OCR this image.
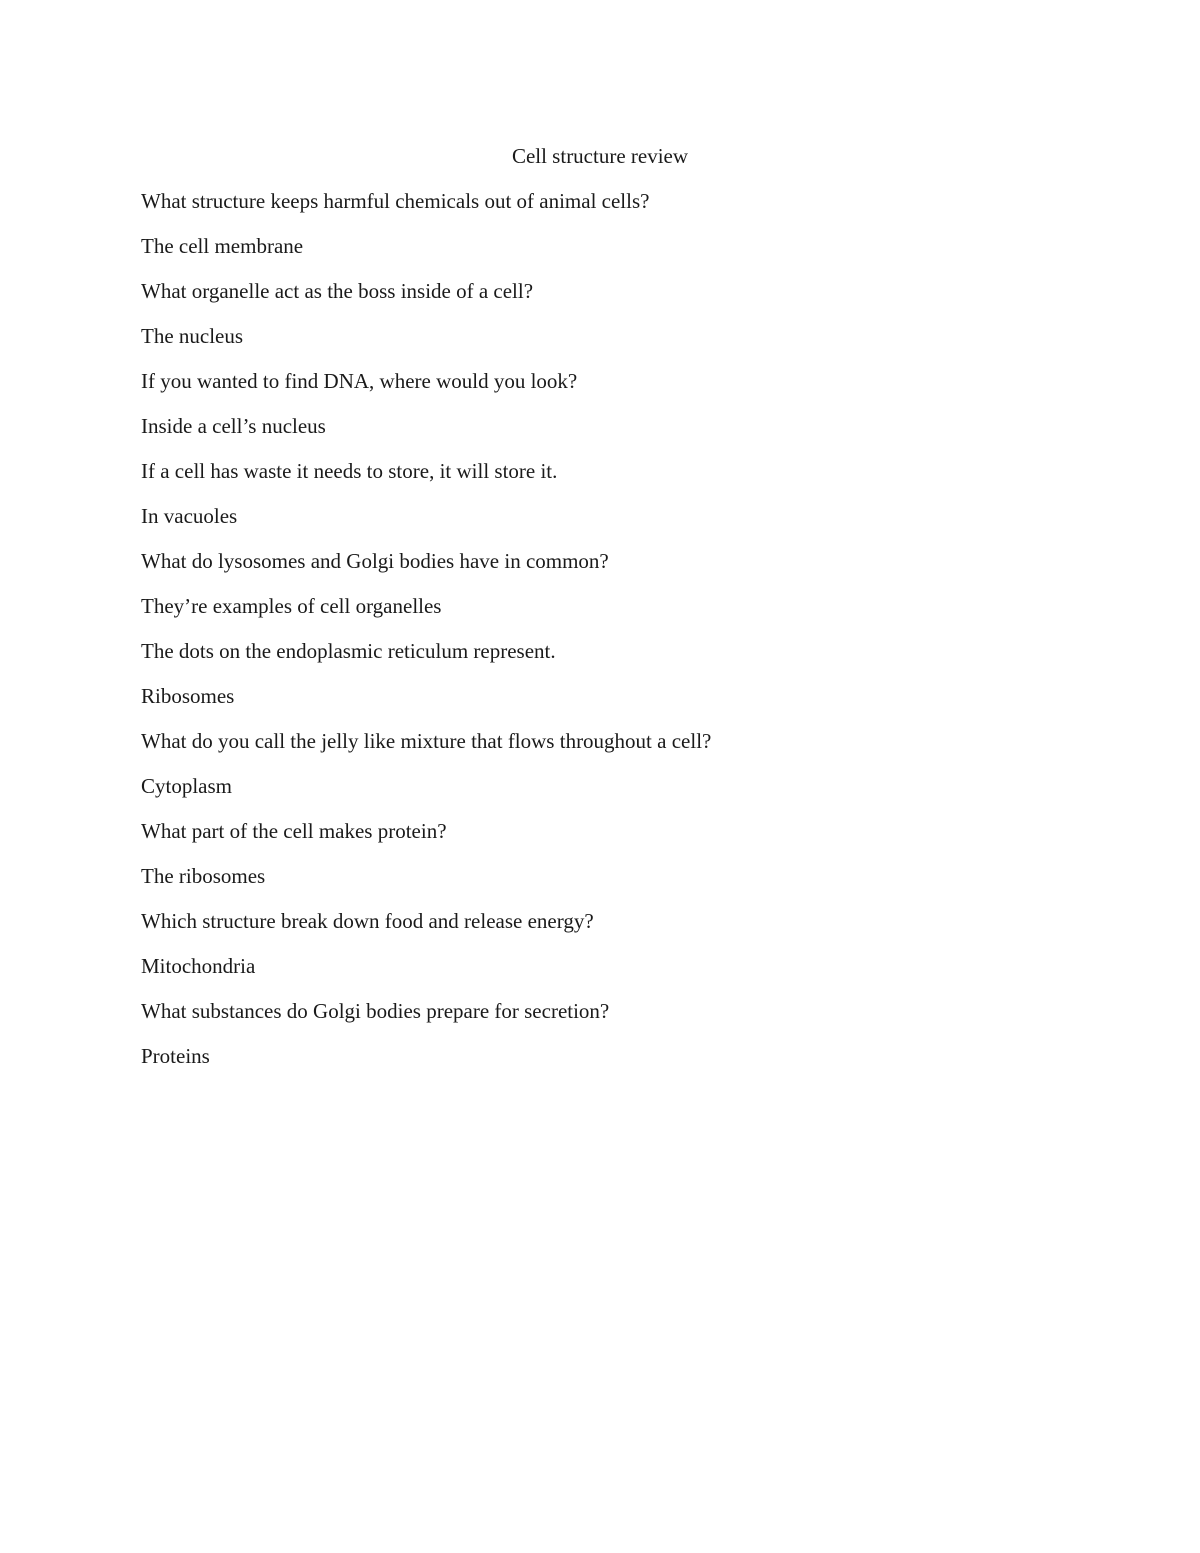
Cell structure review
What structure keeps harmful chemicals out of animal cells?
The cell membrane
What organelle act as the boss inside of a cell?
The nucleus
If you wanted to find DNA, where would you look?
Inside a cell’s nucleus
If a cell has waste it needs to store, it will store it.
In vacuoles
What do lysosomes and Golgi bodies have in common?
They’re examples of cell organelles
The dots on the endoplasmic reticulum represent.
Ribosomes
What do you call the jelly like mixture that flows throughout a cell?
Cytoplasm
What part of the cell makes protein?
The ribosomes
Which structure break down food and release energy?
Mitochondria
What substances do Golgi bodies prepare for secretion?
Proteins
